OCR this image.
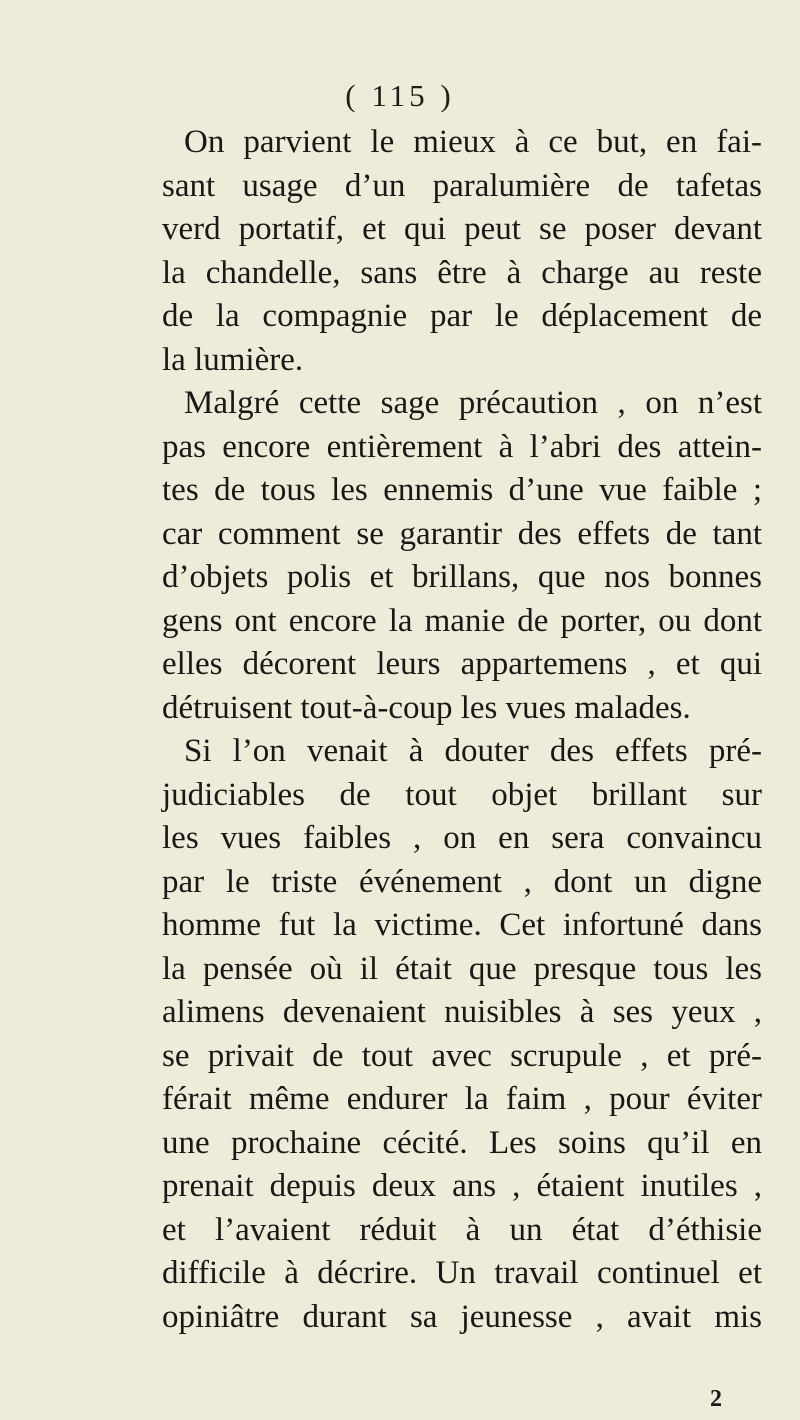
( 115 )
On parvient le mieux à ce but, en fai-
sant usage d’un paralumière de tafetas
verd portatif, et qui peut se poser devant
la chandelle, sans être à charge au reste
de la compagnie par le déplacement de
la lumière.
Malgré cette sage précaution , on n’est
pas encore entièrement à l’abri des attein-
tes de tous les ennemis d’une vue faible ;
car comment se garantir des effets de tant
d’objets polis et brillans, que nos bonnes
gens ont encore la manie de porter, ou dont
elles décorent leurs appartemens , et qui
détruisent tout-à-coup les vues malades.
Si l’on venait à douter des effets pré-
judiciables de tout objet brillant sur
les vues faibles , on en sera convaincu
par le triste événement , dont un digne
homme fut la victime. Cet infortuné dans
la pensée où il était que presque tous les
alimens devenaient nuisibles à ses yeux ,
se privait de tout avec scrupule , et pré-
férait même endurer la faim , pour éviter
une prochaine cécité. Les soins qu’il en
prenait depuis deux ans , étaient inutiles ,
et l’avaient réduit à un état d’éthisie
difficile à décrire. Un travail continuel et
opiniâtre durant sa jeunesse , avait mis
2
